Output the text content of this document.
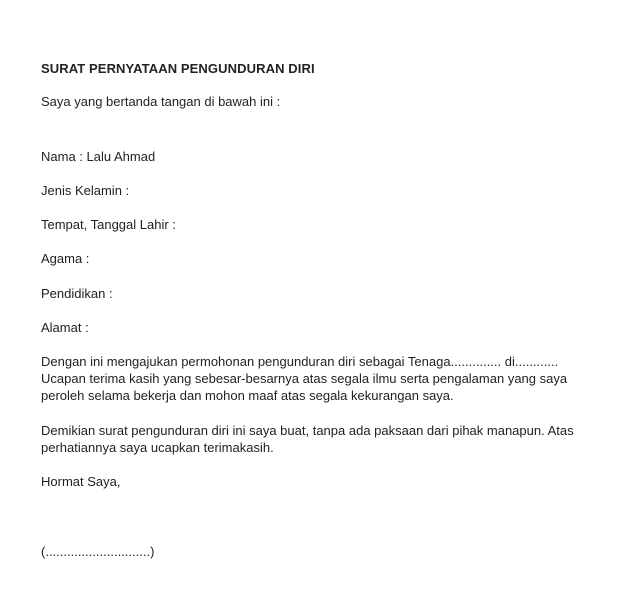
SURAT PERNYATAAN PENGUNDURAN DIRI
Saya yang bertanda tangan di bawah ini :
Nama : Lalu Ahmad
Jenis Kelamin :
Tempat, Tanggal Lahir :
Agama :
Pendidikan :
Alamat :
Dengan ini mengajukan permohonan pengunduran diri sebagai Tenaga.............. di............
Ucapan terima kasih yang sebesar-besarnya atas segala ilmu serta pengalaman yang saya
peroleh selama bekerja dan mohon maaf atas segala kekurangan saya.
Demikian surat pengunduran diri ini saya buat, tanpa ada paksaan dari pihak manapun. Atas
perhatiannya saya ucapkan terimakasih.
Hormat Saya,
(.............................)
